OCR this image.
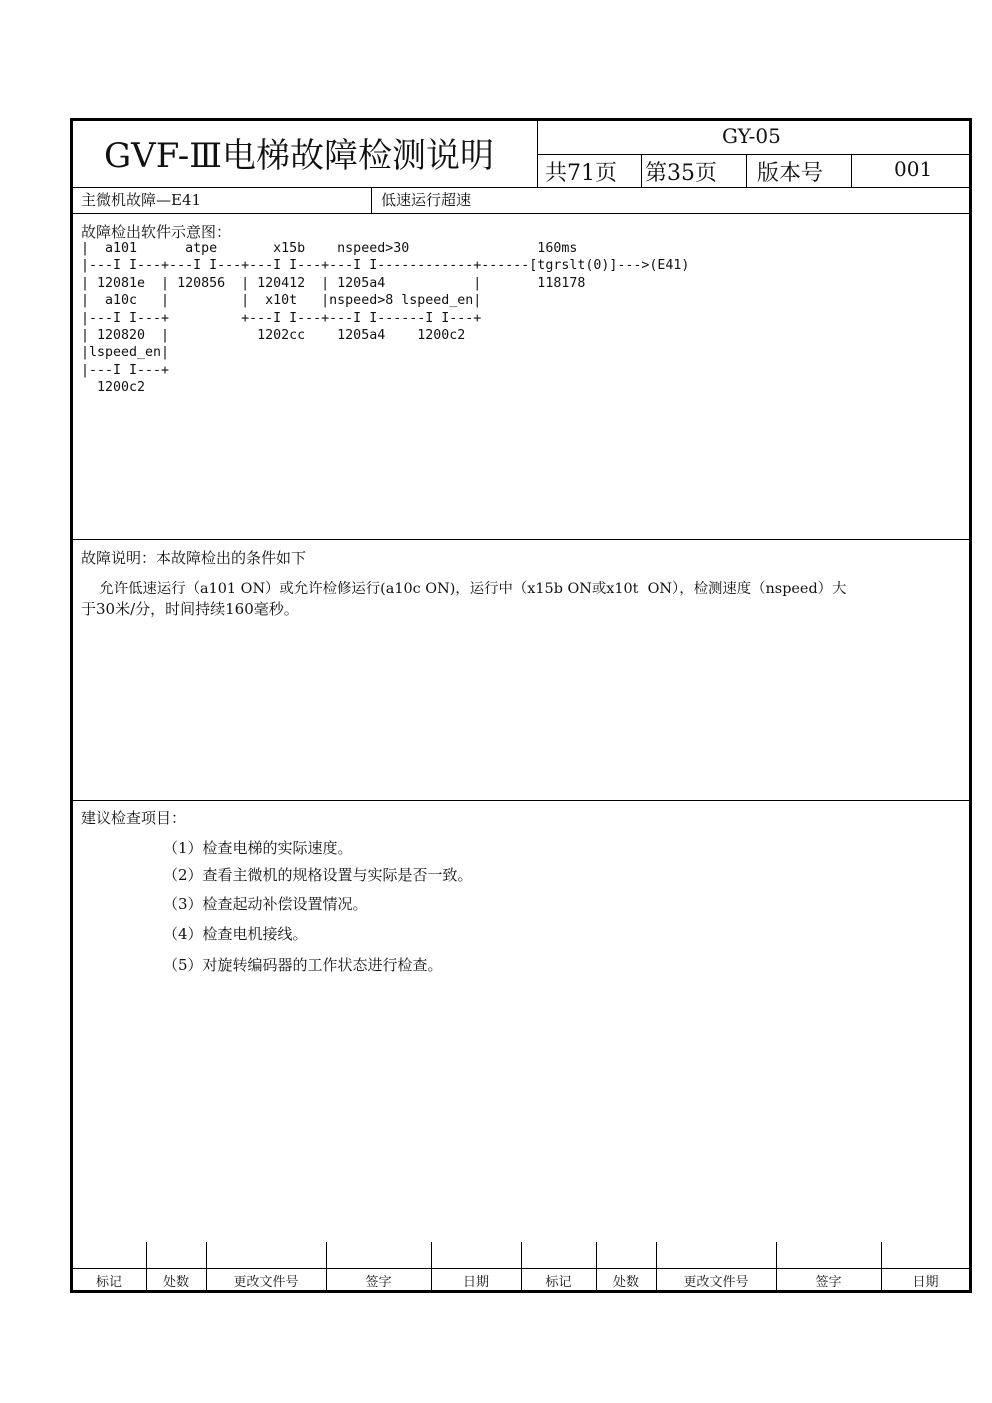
GVF-Ⅲ电梯故障检测说明	GY-05
共71页 第35页 版本号	001
主微机故障—E41	低速运行超速
故障检出软件示意图：
|  a101      atpe       x15b    nspeed>30                160ms
|---I I---+---I I---+---I I---+---I I------------+------[tgrslt(0)]--->(E41)
| 12081e  | 120856  | 120412  | 1205a4           |       118178
|  a10c   |         |  x10t   |nspeed>8 lspeed_en|
|---I I---+         +---I I---+---I I------I I---+
| 120820  |           1202cc    1205a4    1200c2
|lspeed_en|
|---I I---+
1200c2
故障说明：本故障检出的条件如下
允许低速运行（a101 ON）或允许检修运行(a10c ON)，运行中（x15b ON或x10t  ON），检测速度（nspeed）大
于30米/分，时间持续160毫秒。
建议检查项目：
（1）检查电梯的实际速度。
（2）查看主微机的规格设置与实际是否一致。
（3）检查起动补偿设置情况。
（4）检查电机接线。
（5）对旋转编码器的工作状态进行检查。
标记	处数	更改文件号	签字	日期	标记	处数	更改文件号	签字	日期
